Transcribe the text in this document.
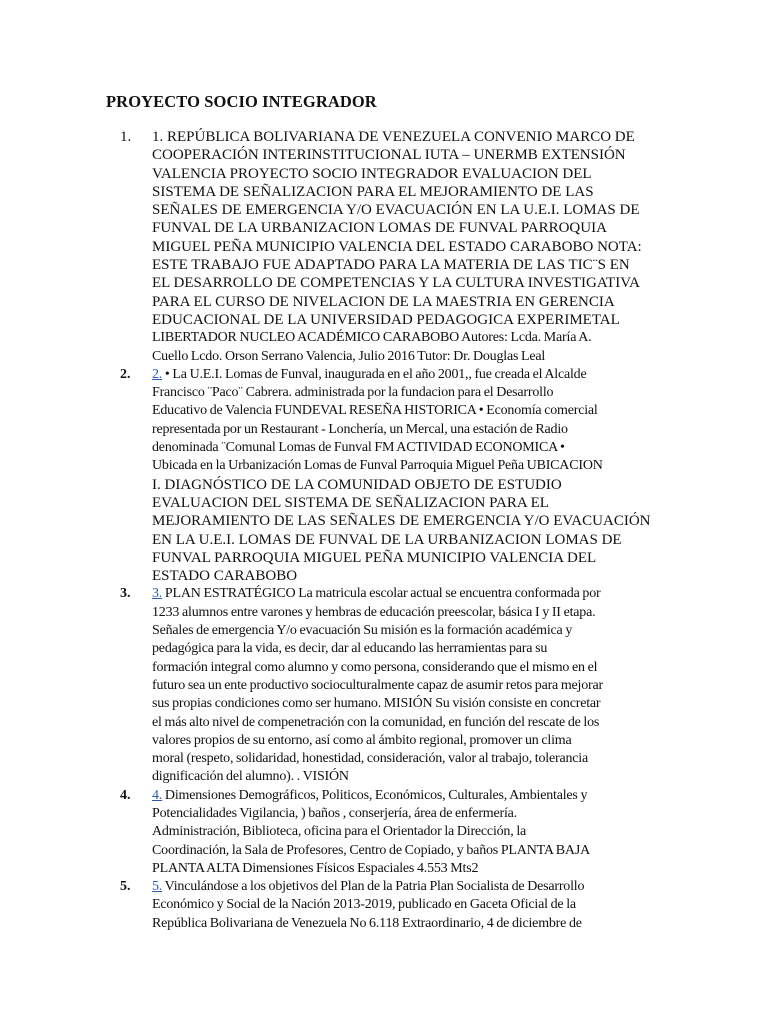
PROYECTO SOCIO INTEGRADOR
1.	1. REPÚBLICA BOLIVARIANA DE VENEZUELA CONVENIO MARCO DE
COOPERACIÓN INTERINSTITUCIONAL IUTA – UNERMB EXTENSIÓN
VALENCIA PROYECTO SOCIO INTEGRADOR EVALUACION DEL
SISTEMA DE SEÑALIZACION PARA EL MEJORAMIENTO DE LAS
SEÑALES DE EMERGENCIA Y/O EVACUACIÓN EN LA U.E.I. LOMAS DE
FUNVAL DE LA URBANIZACION LOMAS DE FUNVAL PARROQUIA
MIGUEL PEÑA MUNICIPIO VALENCIA DEL ESTADO CARABOBO NOTA:
ESTE TRABAJO FUE ADAPTADO PARA LA MATERIA DE LAS TIC¨S EN
EL DESARROLLO DE COMPETENCIAS Y LA CULTURA INVESTIGATIVA
PARA EL CURSO DE NIVELACION DE LA MAESTRIA EN GERENCIA
EDUCACIONAL DE LA UNIVERSIDAD PEDAGOGICA EXPERIMETAL
LIBERTADOR NUCLEO ACADÉMICO CARABOBO Autores: Lcda. María A.
Cuello Lcdo. Orson Serrano Valencia, Julio 2016 Tutor: Dr. Douglas Leal
2.	2. • La U.E.I. Lomas de Funval, inaugurada en el año 2001,, fue creada el Alcalde
Francisco ¨Paco¨ Cabrera. administrada por la fundacion para el Desarrollo
Educativo de Valencia FUNDEVAL RESEÑA HISTORICA • Economía comercial
representada por un Restaurant - Lonchería, un Mercal, una estación de Radio
denominada ¨Comunal Lomas de Funval FM ACTIVIDAD ECONOMICA •
Ubicada en la Urbanización Lomas de Funval Parroquia Miguel Peña UBICACION
I. DIAGNÓSTICO DE LA COMUNIDAD OBJETO DE ESTUDIO
EVALUACION DEL SISTEMA DE SEÑALIZACION PARA EL
MEJORAMIENTO DE LAS SEÑALES DE EMERGENCIA Y/O EVACUACIÓN
EN LA U.E.I. LOMAS DE FUNVAL DE LA URBANIZACION LOMAS DE
FUNVAL PARROQUIA MIGUEL PEÑA MUNICIPIO VALENCIA DEL
ESTADO CARABOBO
3.	3. PLAN ESTRATÉGICO La matricula escolar actual se encuentra conformada por
1233 alumnos entre varones y hembras de educación preescolar, básica I y II etapa.
Señales de emergencia Y/o evacuación Su misión es la formación académica y
pedagógica para la vida, es decir, dar al educando las herramientas para su
formación integral como alumno y como persona, considerando que el mismo en el
futuro sea un ente productivo socioculturalmente capaz de asumir retos para mejorar
sus propias condiciones como ser humano. MISIÓN Su visión consiste en concretar
el más alto nivel de compenetración con la comunidad, en función del rescate de los
valores propios de su entorno, así como al ámbito regional, promover un clima
moral (respeto, solidaridad, honestidad, consideración, valor al trabajo, tolerancia
dignificación del alumno). . VISIÓN
4.	4. Dimensiones Demográficos, Politicos, Económicos, Culturales, Ambientales y
Potencialidades Vigilancia, ) baños , conserjería, área de enfermería.
Administración, Biblioteca, oficina para el Orientador la Dirección, la
Coordinación, la Sala de Profesores, Centro de Copiado, y baños PLANTA BAJA
PLANTA ALTA Dimensiones Físicos Espaciales 4.553 Mts2
5.	5. Vinculándose a los objetivos del Plan de la Patria Plan Socialista de Desarrollo
Económico y Social de la Nación 2013-2019, publicado en Gaceta Oficial de la
República Bolivariana de Venezuela No 6.118 Extraordinario, 4 de diciembre de
